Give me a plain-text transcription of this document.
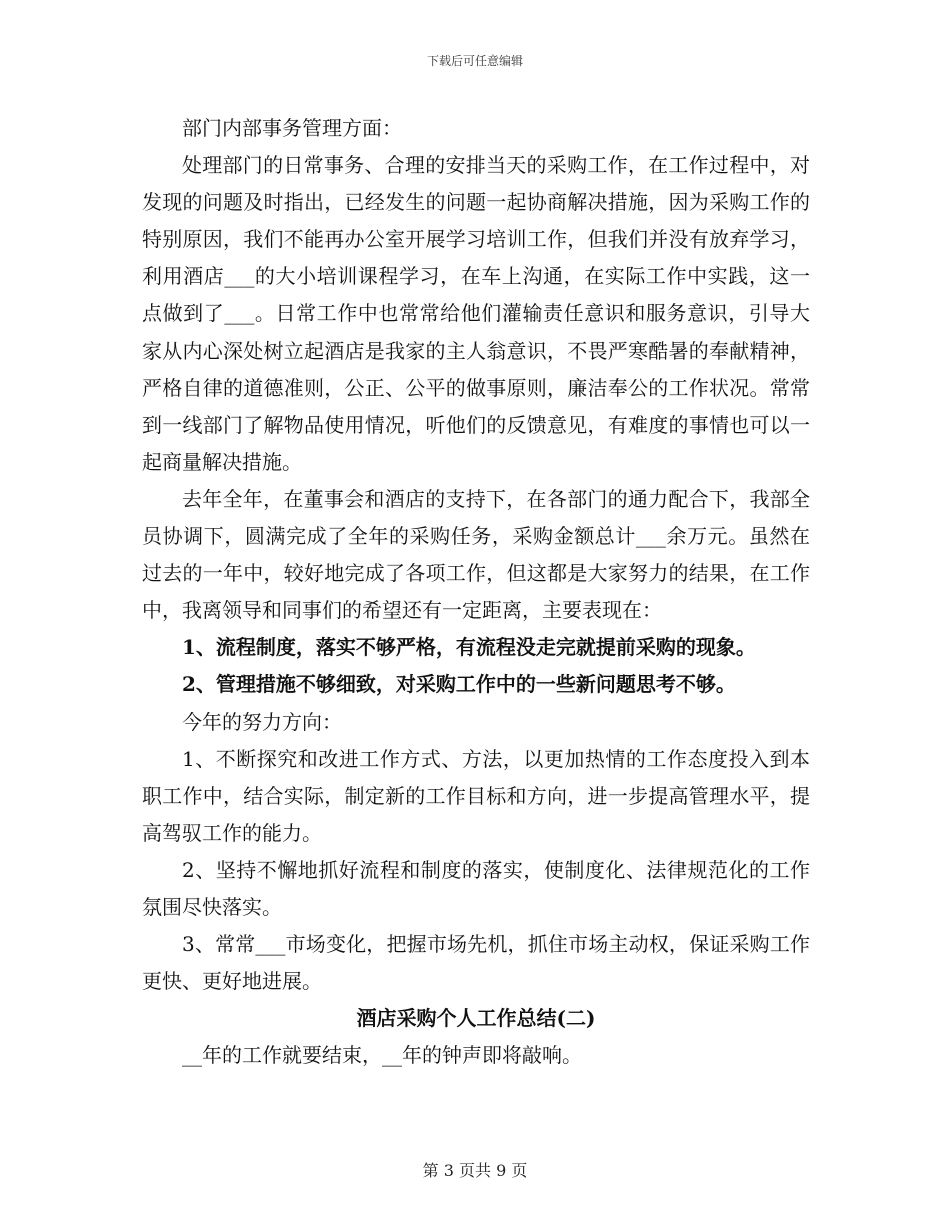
下载后可任意编辑

部门内部事务管理方面：

处理部门的日常事务、合理的安排当天的采购工作，在工作过程中，对发现的问题及时指出，已经发生的问题一起协商解决措施，因为采购工作的特别原因，我们不能再办公室开展学习培训工作，但我们并没有放弃学习，利用酒店___的大小培训课程学习，在车上沟通，在实际工作中实践，这一点做到了___。日常工作中也常常给他们灌输责任意识和服务意识，引导大家从内心深处树立起酒店是我家的主人翁意识，不畏严寒酷暑的奉献精神，严格自律的道德准则，公正、公平的做事原则，廉洁奉公的工作状况。常常到一线部门了解物品使用情况，听他们的反馈意见，有难度的事情也可以一起商量解决措施。

去年全年，在董事会和酒店的支持下，在各部门的通力配合下，我部全员协调下，圆满完成了全年的采购任务，采购金额总计___余万元。虽然在过去的一年中，较好地完成了各项工作，但这都是大家努力的结果，在工作中，我离领导和同事们的希望还有一定距离，主要表现在：

1、流程制度，落实不够严格，有流程没走完就提前采购的现象。

2、管理措施不够细致，对采购工作中的一些新问题思考不够。

今年的努力方向：

1、不断探究和改进工作方式、方法，以更加热情的工作态度投入到本职工作中，结合实际，制定新的工作目标和方向，进一步提高管理水平，提高驾驭工作的能力。

2、坚持不懈地抓好流程和制度的落实，使制度化、法律规范化的工作氛围尽快落实。

3、常常___市场变化，把握市场先机，抓住市场主动权，保证采购工作更快、更好地进展。

酒店采购个人工作总结(二)

__年的工作就要结束，__年的钟声即将敲响。

第 3 页共 9 页
